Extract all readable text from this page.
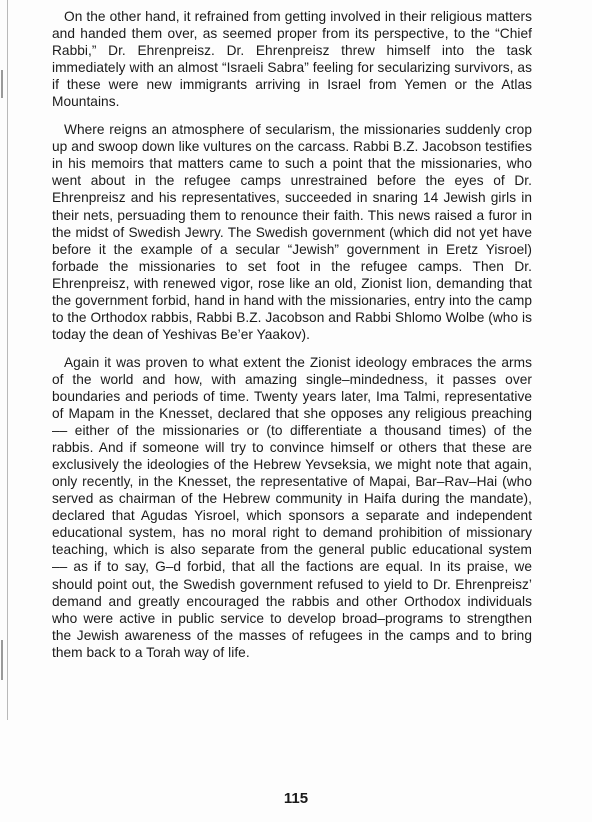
On the other hand, it refrained from getting involved in their religious matters and handed them over, as seemed proper from its perspective, to the “Chief Rabbi,” Dr. Ehrenpreisz. Dr. Ehrenpreisz threw himself into the task immediately with an almost “Israeli Sabra” feeling for secularizing survivors, as if these were new immigrants arriving in Israel from Yemen or the Atlas Mountains.

Where reigns an atmosphere of secularism, the missionaries suddenly crop up and swoop down like vultures on the carcass. Rabbi B.Z. Jacobson testifies in his memoirs that matters came to such a point that the missionaries, who went about in the refugee camps unrestrained before the eyes of Dr. Ehrenpreisz and his representatives, succeeded in snaring 14 Jewish girls in their nets, persuading them to renounce their faith. This news raised a furor in the midst of Swedish Jewry. The Swedish government (which did not yet have before it the example of a secular “Jewish” government in Eretz Yisroel) forbade the missionaries to set foot in the refugee camps. Then Dr. Ehrenpreisz, with renewed vigor, rose like an old, Zionist lion, demanding that the government forbid, hand in hand with the missionaries, entry into the camp to the Orthodox rabbis, Rabbi B.Z. Jacobson and Rabbi Shlomo Wolbe (who is today the dean of Yeshivas Be’er Yaakov).

Again it was proven to what extent the Zionist ideology embraces the arms of the world and how, with amazing single–mindedness, it passes over boundaries and periods of time. Twenty years later, Ima Talmi, representative of Mapam in the Knesset, declared that she opposes any religious preaching –– either of the missionaries or (to differentiate a thousand times) of the rabbis. And if someone will try to convince himself or others that these are exclusively the ideologies of the Hebrew Yevseksia, we might note that again, only recently, in the Knesset, the representative of Mapai, Bar–Rav–Hai (who served as chairman of the Hebrew community in Haifa during the mandate), declared that Agudas Yisroel, which sponsors a separate and independent educational system, has no moral right to demand prohibition of missionary teaching, which is also separate from the general public educational system –– as if to say, G–d forbid, that all the factions are equal. In its praise, we should point out, the Swedish government refused to yield to Dr. Ehrenpreisz’ demand and greatly encouraged the rabbis and other Orthodox individuals who were active in public service to develop broad–programs to strengthen the Jewish awareness of the masses of refugees in the camps and to bring them back to a Torah way of life.

115
